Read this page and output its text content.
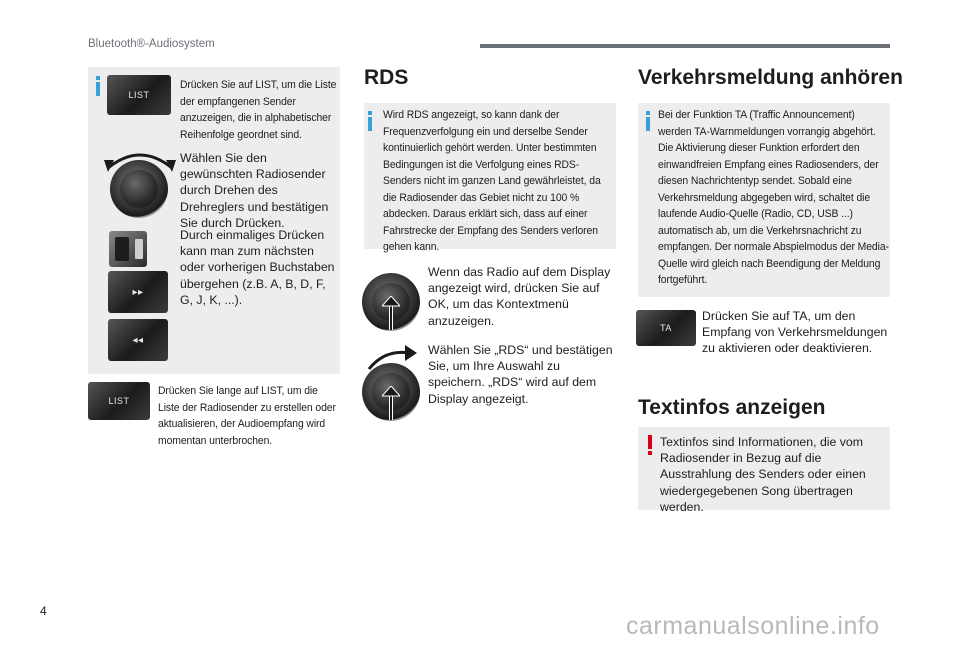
Bluetooth®-Audiosystem
LIST
Drücken Sie auf LIST, um die Liste der empfangenen Sender anzuzeigen, die in alphabetischer Reihenfolge geordnet sind.
Wählen Sie den gewünschten Radiosender durch Drehen des Drehreglers und bestätigen Sie durch Drücken.
▸▸
◂◂
Durch einmaliges Drücken kann man zum nächsten oder vorherigen Buchstaben übergehen (z.B. A, B, D, F, G, J, K, ...).
LIST
Drücken Sie lange auf LIST, um die Liste der Radiosender zu erstellen oder aktualisieren, der Audioempfang wird momentan unterbrochen.
RDS
Wird RDS angezeigt, so kann dank der Frequenzverfolgung ein und derselbe Sender kontinuierlich gehört werden. Unter bestimmten Bedingungen ist die Verfolgung eines RDS-Senders nicht im ganzen Land gewährleistet, da die Radiosender das Gebiet nicht zu 100 % abdecken. Daraus erklärt sich, dass auf einer Fahrstrecke der Empfang des Senders verloren gehen kann.
Wenn das Radio auf dem Display angezeigt wird, drücken Sie auf OK, um das Kontextmenü anzuzeigen.
Wählen Sie „RDS“ und bestätigen Sie, um Ihre Auswahl zu speichern. „RDS“ wird auf dem Display angezeigt.
Verkehrsmeldung anhören
Bei der Funktion TA (Traffic Announcement) werden TA-Warnmeldungen vorrangig abgehört. Die Aktivierung dieser Funktion erfordert den einwandfreien Empfang eines Radiosenders, der diesen Nachrichtentyp sendet. Sobald eine Verkehrsmeldung abgegeben wird, schaltet die laufende Audio-Quelle (Radio, CD, USB ...) automatisch ab, um die Verkehrsnachricht zu empfangen. Der normale Abspielmodus der Media-Quelle wird gleich nach Beendigung der Meldung fortgeführt.
TA
Drücken Sie auf TA, um den Empfang von Verkehrsmeldungen zu aktivieren oder deaktivieren.
Textinfos anzeigen
Textinfos sind Informationen, die vom Radiosender in Bezug auf die Ausstrahlung des Senders oder einen wiedergegebenen Song übertragen werden.
4
carmanualsonline.info
